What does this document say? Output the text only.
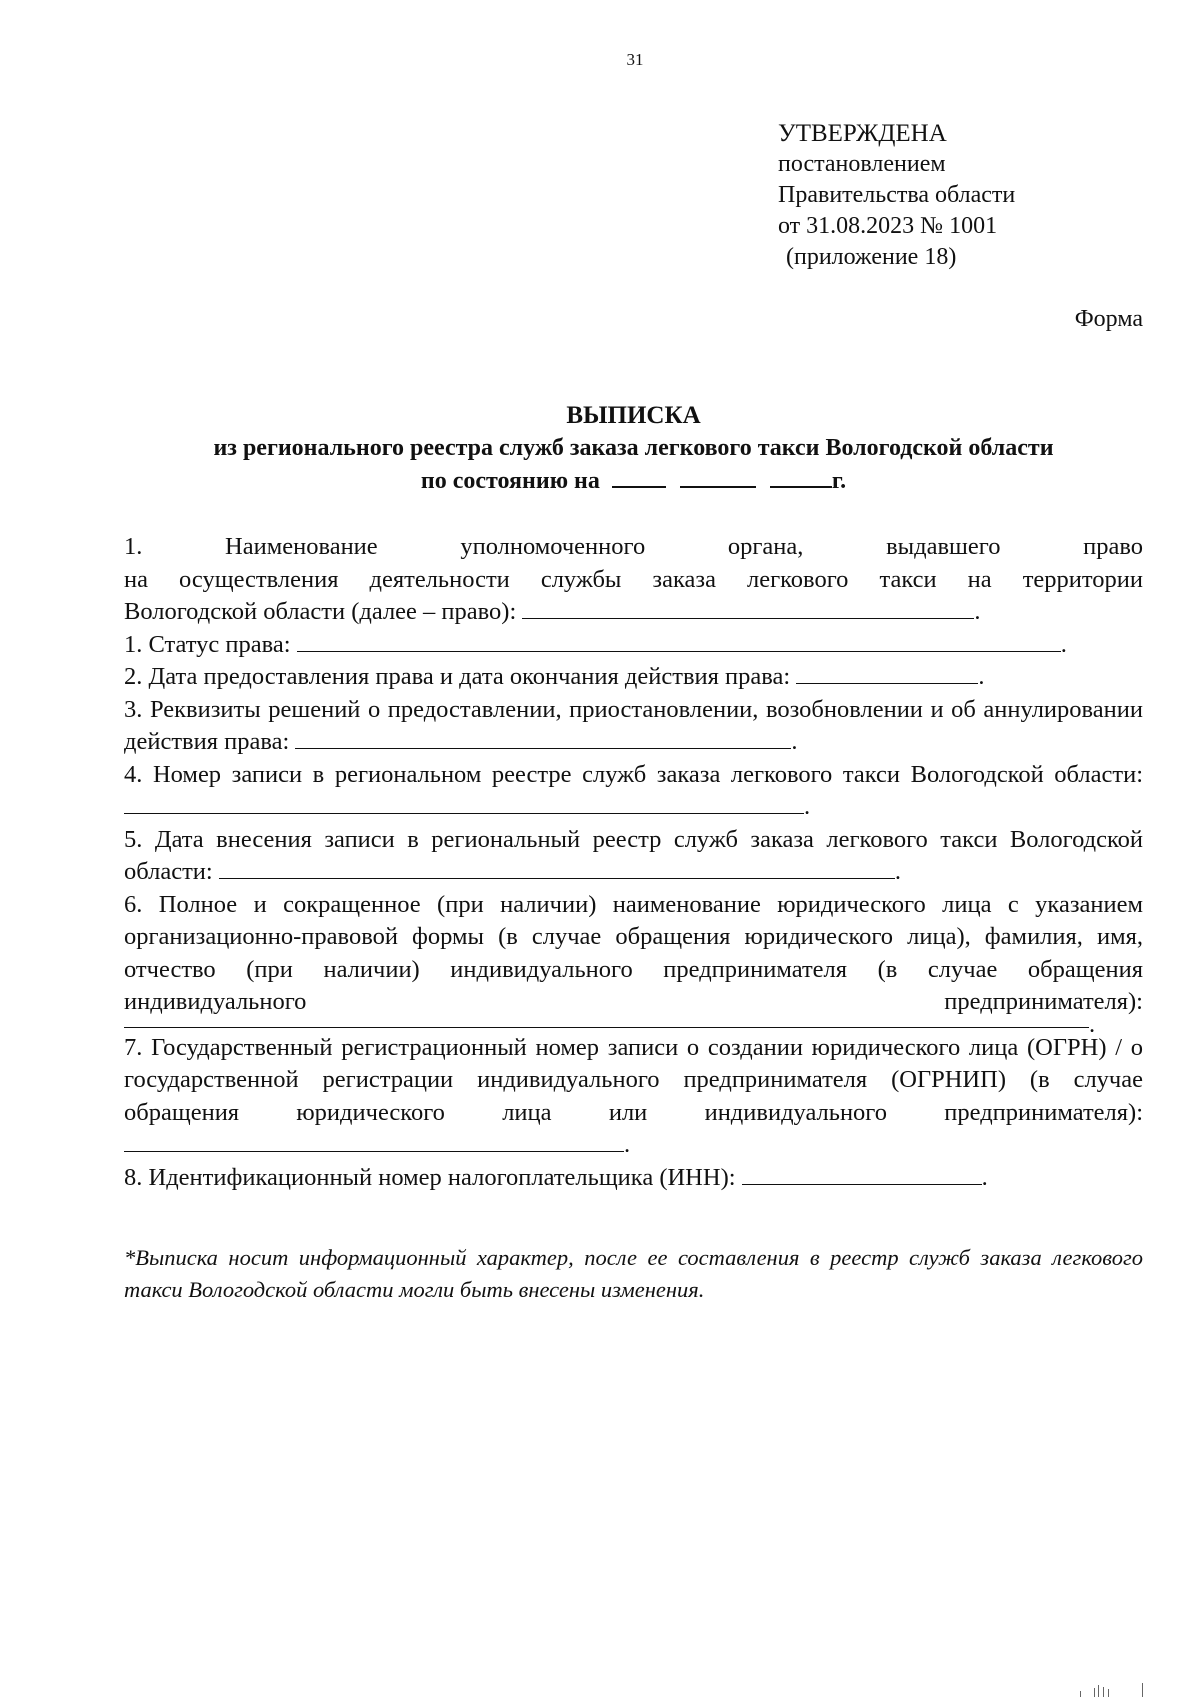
31
УТВЕРЖДЕНА
постановлением
Правительства области
от 31.08.2023 № 1001
(приложение 18)
Форма
ВЫПИСКА
из регионального реестра служб заказа легкового такси Вологодской области
по состоянию на	г.
1.	Наименование	уполномоченного	органа,	выдавшего	право
на осуществления деятельности службы заказа легкового такси на территории
Вологодской области (далее – право):	.
1. Статус права:	.
2. Дата предоставления права и дата окончания действия права:	.
3. Реквизиты решений о предоставлении, приостановлении, возобновлении и об аннулировании действия права:	.
4. Номер записи в региональном реестре служб заказа легкового такси Вологодской области: .
5. Дата внесения записи в региональный реестр служб заказа легкового такси Вологодской области:	.
6. Полное и сокращенное (при наличии) наименование юридического лица с указанием организационно-правовой формы (в случае обращения юридического лица), фамилия, имя, отчество (при наличии) индивидуального предпринимателя (в случае обращения индивидуального предпринимателя):
.
7. Государственный регистрационный номер записи о создании юридического лица (ОГРН) / о государственной регистрации индивидуального предпринимателя (ОГРНИП) (в случае обращения юридического лица или индивидуального предпринимателя): .
8. Идентификационный номер налогоплательщика (ИНН):	.
*Выписка носит информационный характер, после ее составления в реестр служб заказа легкового такси Вологодской области могли быть внесены изменения.
